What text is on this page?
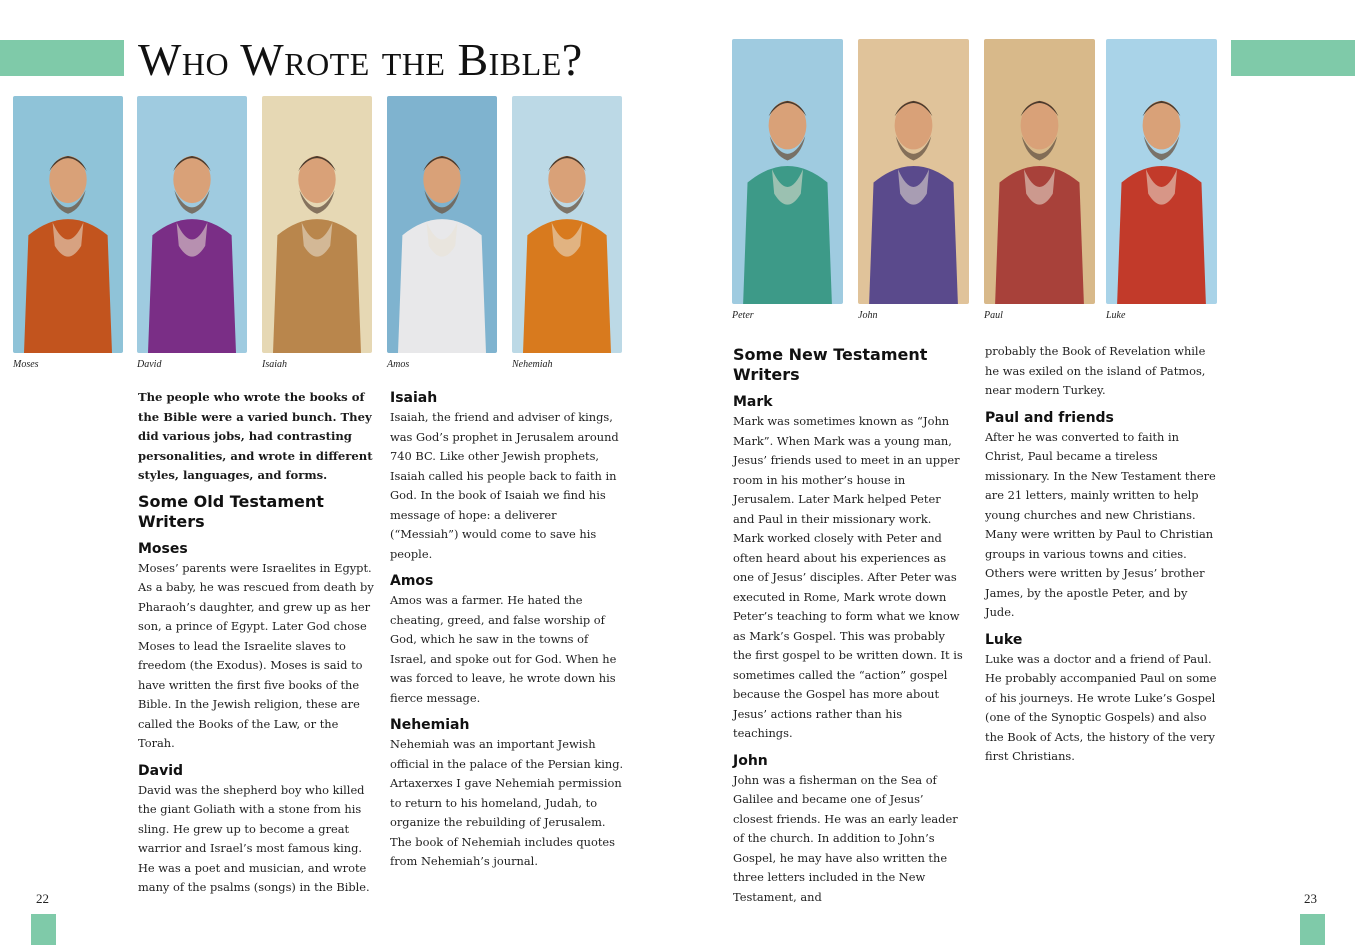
Who Wrote the Bible?
Moses	David	Isaiah	Amos	Nehemiah
Peter	John	Paul	Luke

The people who wrote the books of the Bible were a varied bunch. They did various jobs, had contrasting personalities, and wrote in different styles, languages, and forms.

Some Old Testament Writers
Moses

Moses’ parents were Israelites in Egypt. As a baby, he was rescued from death by Pharaoh’s daughter, and grew up as her son, a prince of Egypt. Later God chose Moses to lead the Israelite slaves to freedom (the Exodus). Moses is said to have written the first five books of the Bible. In the Jewish religion, these are called the Books of the Law, or the Torah.

David

David was the shepherd boy who killed the giant Goliath with a stone from his sling. He grew up to become a great warrior and Israel’s most famous king. He was a poet and musician, and wrote many of the psalms (songs) in the Bible.

Isaiah

Isaiah, the friend and adviser of kings, was God’s prophet in Jerusalem around 740 BC. Like other Jewish prophets, Isaiah called his people back to faith in God. In the book of Isaiah we find his message of hope: a deliverer (“Messiah”) would come to save his people.

Amos

Amos was a farmer. He hated the cheating, greed, and false worship of God, which he saw in the towns of Israel, and spoke out for God. When he was forced to leave, he wrote down his fierce message.

Nehemiah

Nehemiah was an important Jewish official in the palace of the Persian king. Artaxerxes I gave Nehemiah permission to return to his homeland, Judah, to organize the rebuilding of Jerusalem. The book of Nehemiah includes quotes from Nehemiah’s journal.

Some New Testament Writers
Mark

Mark was sometimes known as “John Mark”. When Mark was a young man, Jesus’ friends used to meet in an upper room in his mother’s house in Jerusalem. Later Mark helped Peter and Paul in their missionary work. Mark worked closely with Peter and often heard about his experiences as one of Jesus’ disciples. After Peter was executed in Rome, Mark wrote down Peter’s teaching to form what we know as Mark’s Gospel. This was probably the first gospel to be written down. It is sometimes called the “action” gospel because the Gospel has more about Jesus’ actions rather than his teachings.

John

John was a fisherman on the Sea of Galilee and became one of Jesus’ closest friends. He was an early leader of the church. In addition to John’s Gospel, he may have also written the three letters included in the New Testament, and

probably the Book of Revelation while he was exiled on the island of Patmos, near modern Turkey.

Paul and friends

After he was converted to faith in Christ, Paul became a tireless missionary. In the New Testament there are 21 letters, mainly written to help young churches and new Christians. Many were written by Paul to Christian groups in various towns and cities. Others were written by Jesus’ brother James, by the apostle Peter, and by Jude.

Luke

Luke was a doctor and a friend of Paul. He probably accompanied Paul on some of his journeys. He wrote Luke’s Gospel (one of the Synoptic Gospels) and also the Book of Acts, the history of the very first Christians.

22	23
